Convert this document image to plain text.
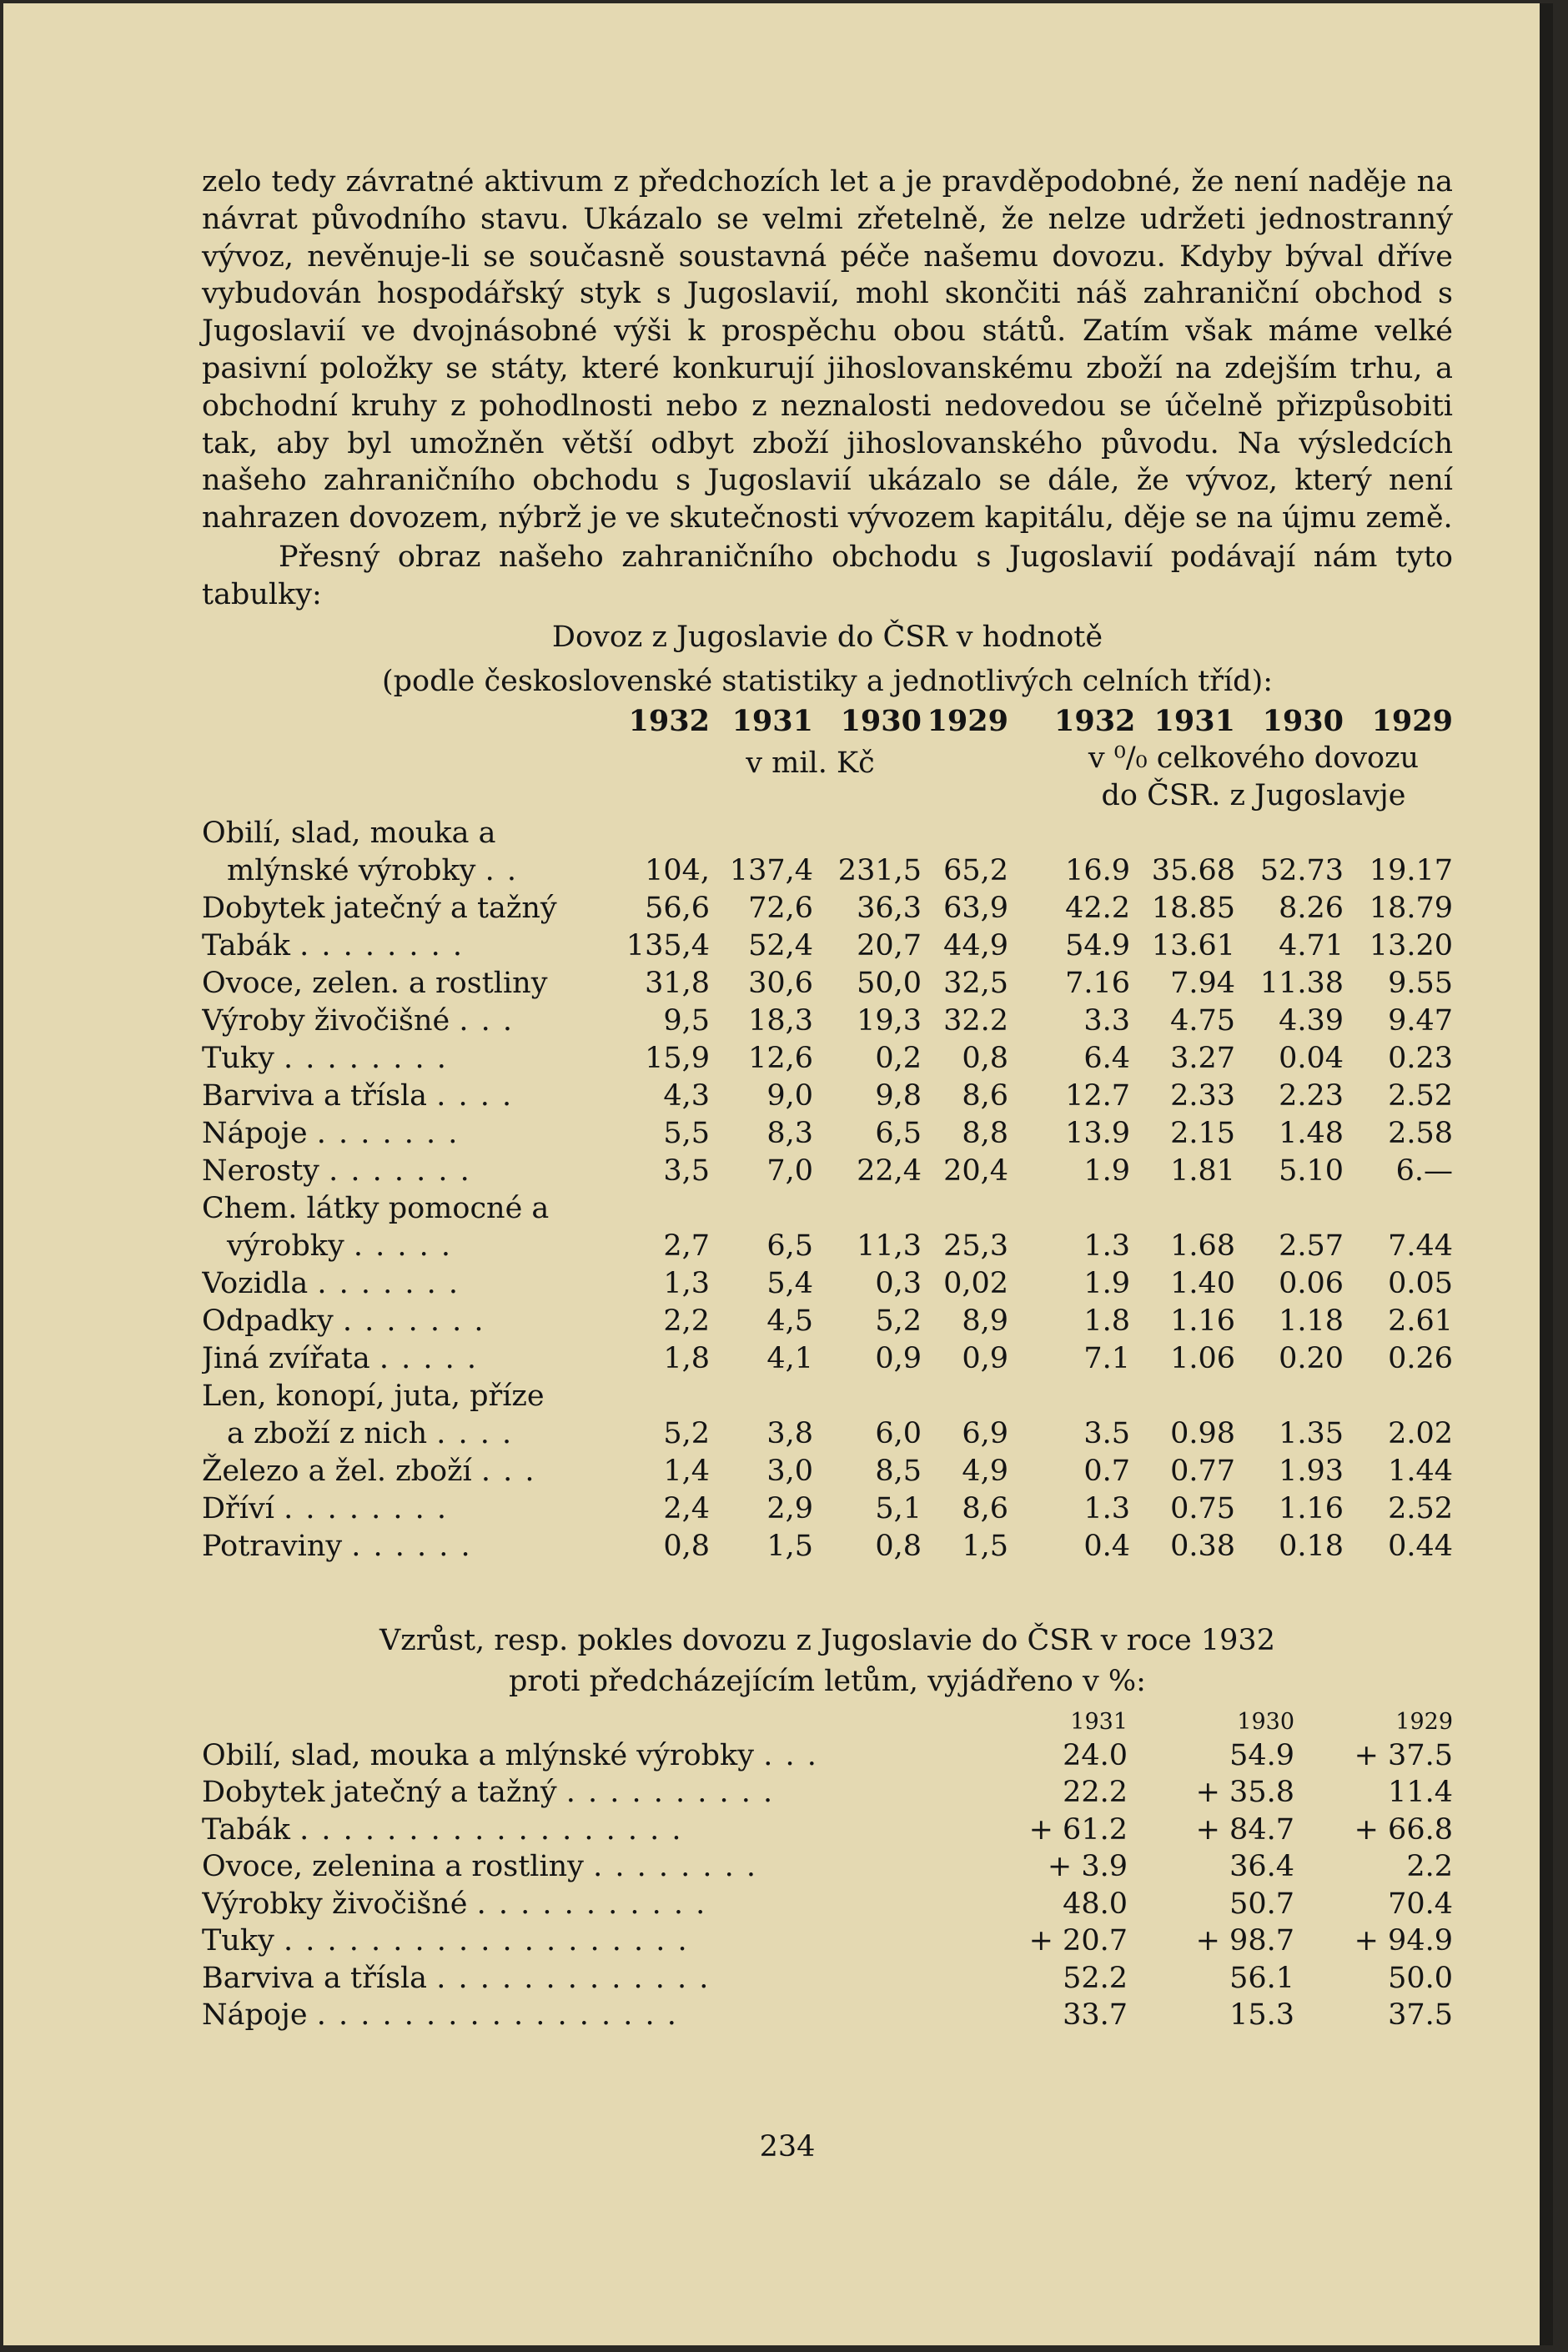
zelo tedy závratné aktivum z předchozích let a je pravděpodobné, že není naděje na návrat původního stavu. Ukázalo se velmi zřetelně, že nelze udržeti jednostranný vývoz, nevěnuje-li se současně soustavná péče našemu dovozu. Kdyby býval dříve vybudován hospodářský styk s Jugoslavií, mohl skončiti náš zahraniční obchod s Jugoslavií ve dvojnásobné výši k prospěchu obou států. Zatím však máme velké pasivní položky se státy, které konkurují jihoslovanskému zboží na zdejším trhu, a obchodní kruhy z pohodlnosti nebo z neznalosti nedovedou se účelně přizpůsobiti tak, aby byl umožněn větší odbyt zboží jihoslovanského původu. Na výsledcích našeho zahraničního obchodu s Jugoslavií ukázalo se dále, že vývoz, který není nahrazen dovozem, nýbrž je ve skutečnosti vývozem kapitálu, děje se na újmu země.

Přesný obraz našeho zahraničního obchodu s Jugoslavií podávají nám tyto tabulky:

Dovoz z Jugoslavie do ČSR v hodnotě

(podle československé statistiky a jednotlivých celních tříd):

	1932	1931	1930	1929		1932	1931	1930	1929
	v mil. Kč					v ⁰/₀ celkového dovozu
do ČSR. z Jugoslavje			

Obilí, slad, mouka a									
mlýnské výrobky . .	104,	137,4	231,5	65,2		16.9	35.68	52.73	19.17
Dobytek jatečný a tažný	56,6	72,6	36,3	63,9		42.2	18.85	8.26	18.79
Tabák . . . . . . . .	135,4	52,4	20,7	44,9		54.9	13.61	4.71	13.20
Ovoce, zelen. a rostliny	31,8	30,6	50,0	32,5		7.16	7.94	11.38	9.55
Výroby živočišné . . .	9,5	18,3	19,3	32.2		3.3	4.75	4.39	9.47
Tuky . . . . . . . .	15,9	12,6	0,2	0,8		6.4	3.27	0.04	0.23
Barviva a třísla . . . .	4,3	9,0	9,8	8,6		12.7	2.33	2.23	2.52
Nápoje . . . . . . .	5,5	8,3	6,5	8,8		13.9	2.15	1.48	2.58
Nerosty . . . . . . .	3,5	7,0	22,4	20,4		1.9	1.81	5.10	6.—
Chem. látky pomocné a									
výrobky . . . . .	2,7	6,5	11,3	25,3		1.3	1.68	2.57	7.44
Vozidla . . . . . . .	1,3	5,4	0,3	0,02		1.9	1.40	0.06	0.05
Odpadky . . . . . . .	2,2	4,5	5,2	8,9		1.8	1.16	1.18	2.61
Jiná zvířata . . . . .	1,8	4,1	0,9	0,9		7.1	1.06	0.20	0.26
Len, konopí, juta, příze									
a zboží z nich . . . .	5,2	3,8	6,0	6,9		3.5	0.98	1.35	2.02
Železo a žel. zboží . . .	1,4	3,0	8,5	4,9		0.7	0.77	1.93	1.44
Dříví . . . . . . . .	2,4	2,9	5,1	8,6		1.3	0.75	1.16	2.52
Potraviny . . . . . .	0,8	1,5	0,8	1,5		0.4	0.38	0.18	0.44

Vzrůst, resp. pokles dovozu z Jugoslavie do ČSR v roce 1932

proti předcházejícím letům, vyjádřeno v %:

	1931	1930	1929
Obilí, slad, mouka a mlýnské výrobky . . .	24.0	54.9	+ 37.5
Dobytek jatečný a tažný . . . . . . . . . .	22.2	+ 35.8	11.4
Tabák . . . . . . . . . . . . . . . . . .	+ 61.2	+ 84.7	+ 66.8
Ovoce, zelenina a rostliny . . . . . . . .	+ 3.9	36.4	2.2
Výrobky živočišné . . . . . . . . . . .	48.0	50.7	70.4
Tuky . . . . . . . . . . . . . . . . . . .	+ 20.7	+ 98.7	+ 94.9
Barviva a třísla . . . . . . . . . . . . .	52.2	56.1	50.0
Nápoje . . . . . . . . . . . . . . . . .	33.7	15.3	37.5
234
